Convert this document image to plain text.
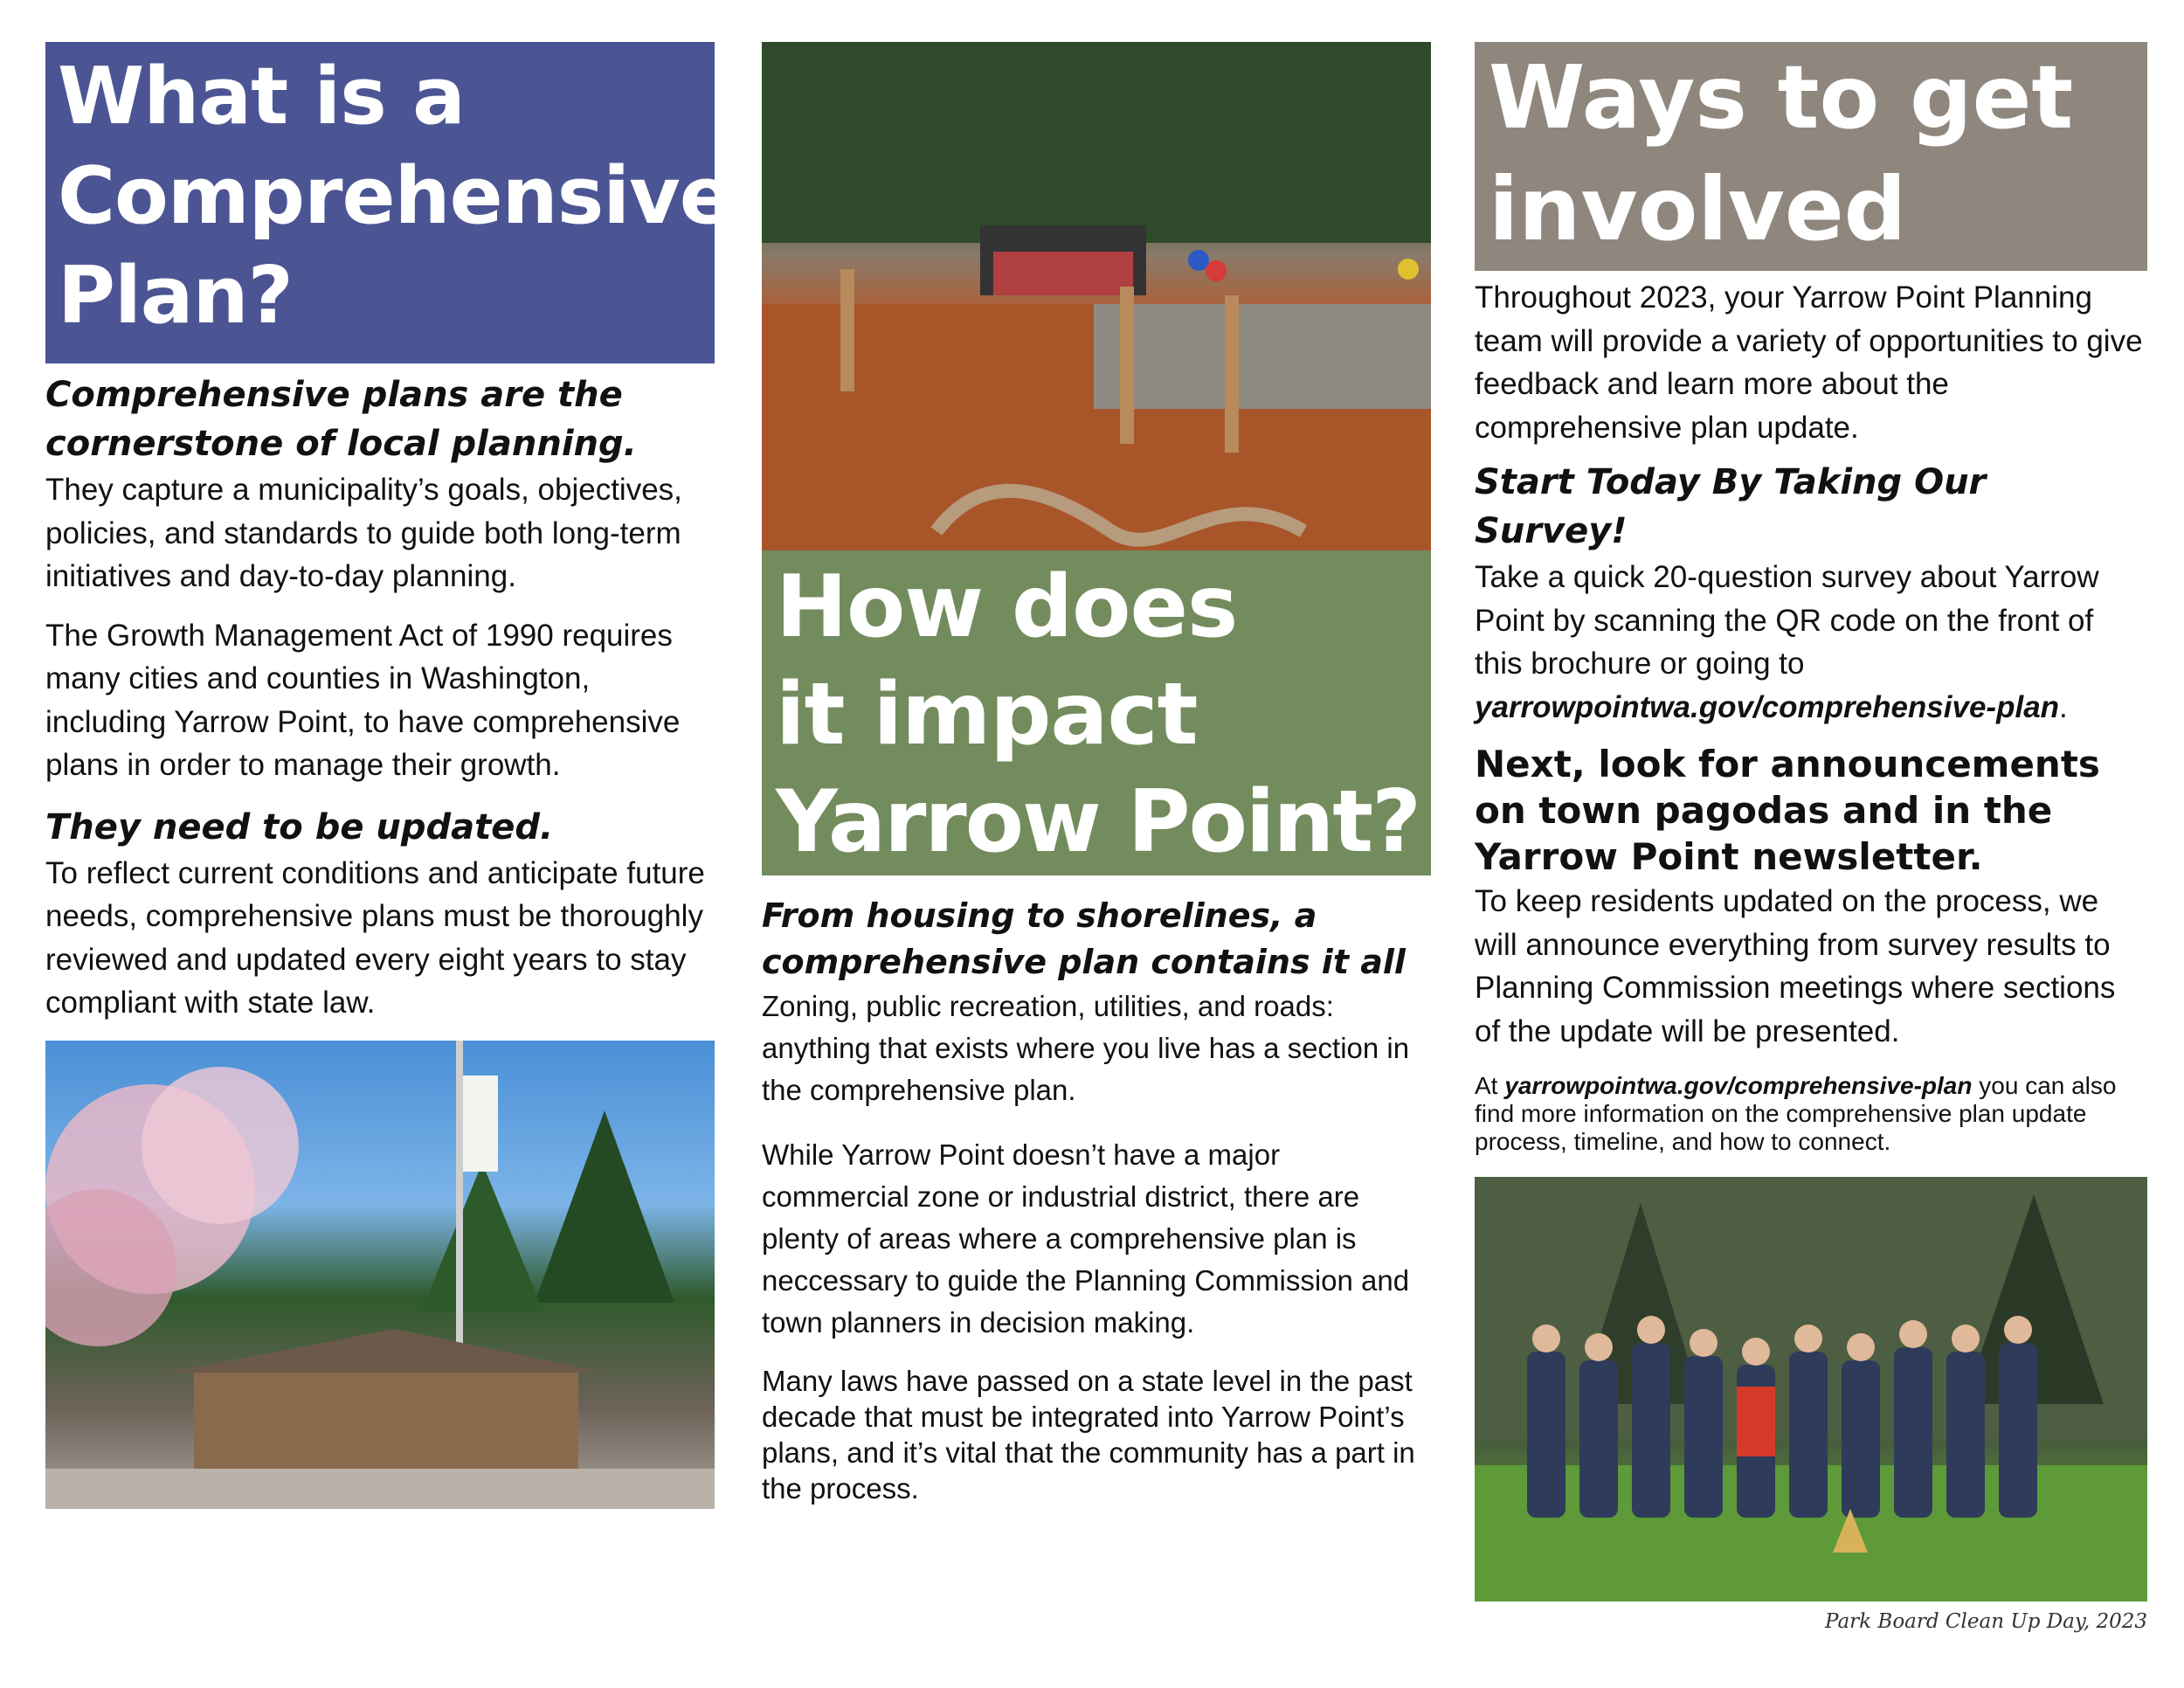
What is a
Comprehensive
Plan?

Comprehensive plans are the cornerstone of local planning.

They capture a municipality’s goals, objectives, policies, and standards to guide both long-term initiatives and day-to-day planning.

The Growth Management Act of 1990 requires many cities and counties in Washington, including Yarrow Point, to have comprehensive plans in order to manage their growth.

They need to be updated.

To reflect current conditions and anticipate future needs, comprehensive plans must be thoroughly reviewed and updated every eight years to stay compliant with state law.

How does
it impact
Yarrow Point?

From housing to shorelines, a comprehensive plan contains it all

Zoning, public recreation, utilities, and roads: anything that exists where you live has a section in the comprehensive plan.

While Yarrow Point doesn’t have a major commercial zone or industrial district, there are plenty of areas where a comprehensive plan is neccessary to guide the Planning Commission and town planners in decision making.

Many laws have passed on a state level in the past decade that must be integrated into Yarrow Point’s plans, and it’s vital that the community has a part in the process.

Ways to get
involved

Throughout 2023, your Yarrow Point Planning team will provide a variety of opportunities to give feedback and learn more about the comprehensive plan update.

Start Today By Taking Our Survey!

Take a quick 20-question survey about Yarrow Point by scanning the QR code on the front of this brochure or going to yarrowpointwa.gov/comprehensive-plan.

Next, look for announcements on town pagodas and in the Yarrow Point newsletter.

To keep residents updated on the process, we will announce everything from survey results to Planning Commission meetings where sections of the update will be presented.

At yarrowpointwa.gov/comprehensive-plan you can also find more information on the comprehensive plan update process, timeline, and how to connect.

Park Board Clean Up Day, 2023
